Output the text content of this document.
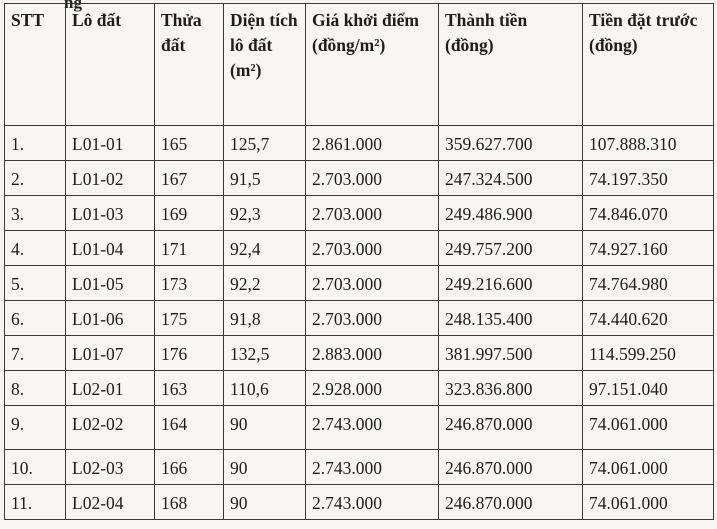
ng
STT	Lô đất	Thửa đất	Diện tích lô đất (m²)	Giá khởi điểm (đồng/m²)	Thành tiền (đồng)	Tiền đặt trước (đồng)
1.	L01-01	165	125,7	2.861.000	359.627.700	107.888.310
2.	L01-02	167	91,5	2.703.000	247.324.500	74.197.350
3.	L01-03	169	92,3	2.703.000	249.486.900	74.846.070
4.	L01-04	171	92,4	2.703.000	249.757.200	74.927.160
5.	L01-05	173	92,2	2.703.000	249.216.600	74.764.980
6.	L01-06	175	91,8	2.703.000	248.135.400	74.440.620
7.	L01-07	176	132,5	2.883.000	381.997.500	114.599.250
8.	L02-01	163	110,6	2.928.000	323.836.800	97.151.040
9.	L02-02	164	90	2.743.000	246.870.000	74.061.000
10.	L02-03	166	90	2.743.000	246.870.000	74.061.000
11.	L02-04	168	90	2.743.000	246.870.000	74.061.000
